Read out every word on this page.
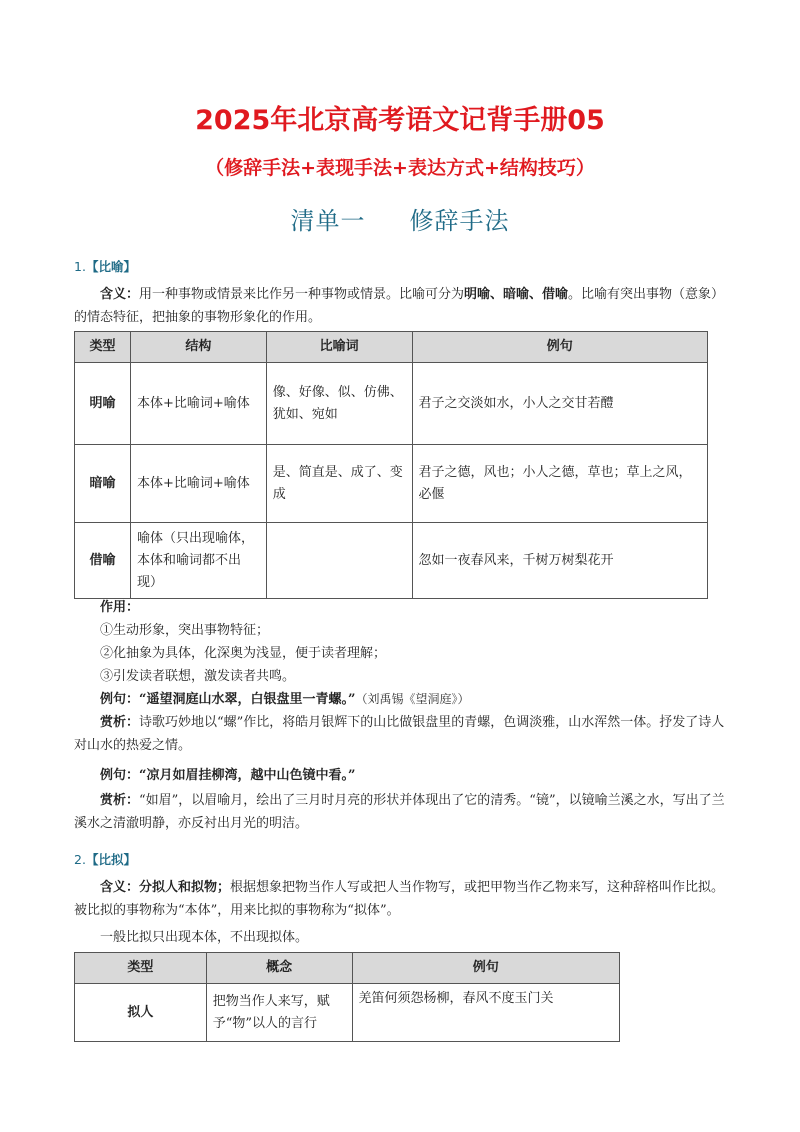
2025年北京高考语文记背手册05
（修辞手法+表现手法+表达方式+结构技巧）
清单一 修辞手法
1.【比喻】
含义：用一种事物或情景来比作另一种事物或情景。比喻可分为明喻、暗喻、借喻。比喻有突出事物（意象）的情态特征，把抽象的事物形象化的作用。
类型	结构	比喻词	例句
明喻	本体+比喻词+喻体	像、好像、似、仿佛、犹如、宛如	君子之交淡如水，小人之交甘若醴
暗喻	本体+比喻词+喻体	是、简直是、成了、变成	君子之德，风也；小人之德，草也；草上之风，必偃
借喻	喻体（只出现喻体，本体和喻词都不出现）		忽如一夜春风来，千树万树梨花开
作用：
①生动形象，突出事物特征；
②化抽象为具体，化深奥为浅显，便于读者理解；
③引发读者联想，激发读者共鸣。
例句：“遥望洞庭山水翠，白银盘里一青螺。”（刘禹锡《望洞庭》）
赏析：诗歌巧妙地以“螺”作比，将皓月银辉下的山比做银盘里的青螺，色调淡雅，山水浑然一体。抒发了诗人对山水的热爱之情。
例句：“凉月如眉挂柳湾，越中山色镜中看。”
赏析：“如眉”，以眉喻月，绘出了三月时月亮的形状并体现出了它的清秀。“镜”，以镜喻兰溪之水，写出了兰溪水之清澈明静，亦反衬出月光的明洁。
2.【比拟】
含义：分拟人和拟物；根据想象把物当作人写或把人当作物写，或把甲物当作乙物来写，这种辞格叫作比拟。被比拟的事物称为“本体”，用来比拟的事物称为“拟体”。
一般比拟只出现本体，不出现拟体。
类型	概念	例句
拟人	把物当作人来写，赋予“物”以人的言行	羌笛何须怨杨柳，春风不度玉门关
